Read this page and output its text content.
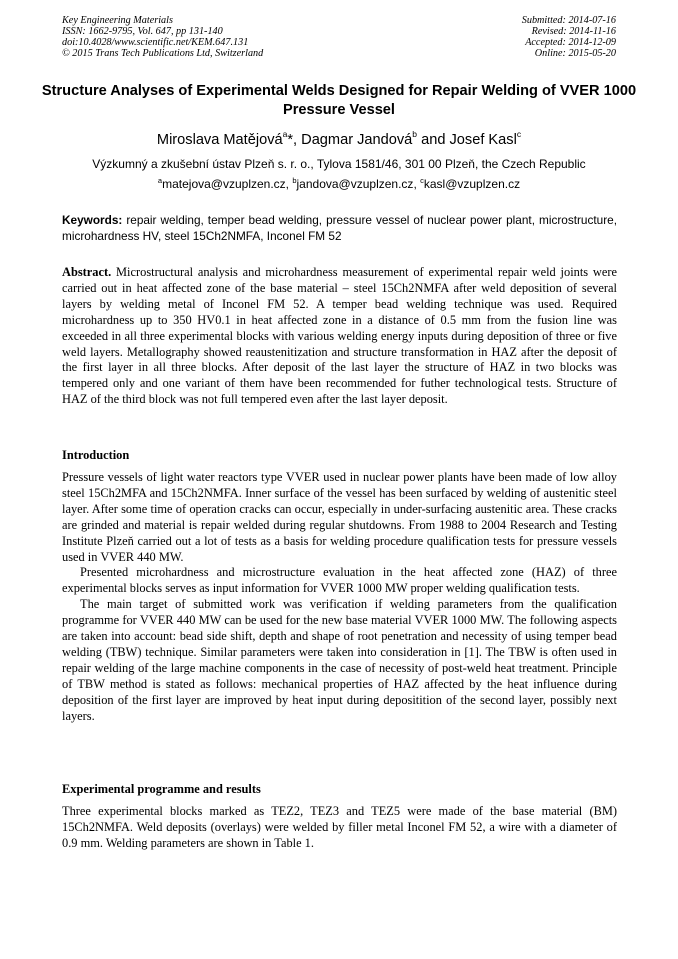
Key Engineering Materials
ISSN: 1662-9795, Vol. 647, pp 131-140
doi:10.4028/www.scientific.net/KEM.647.131
© 2015 Trans Tech Publications Ltd, Switzerland
Submitted: 2014-07-16
Revised: 2014-11-16
Accepted: 2014-12-09
Online: 2015-05-20
Structure Analyses of Experimental Welds Designed for Repair Welding of VVER 1000 Pressure Vessel
Miroslava Matějová$^a$*, Dagmar Jandová$^b$ and Josef Kasl$^c$
Výzkumný a zkušební ústav Plzeň s. r. o., Tylova 1581/46, 301 00 Plzeň, the Czech Republic
$^a$matejova@vzuplzen.cz, $^b$jandova@vzuplzen.cz, $^c$kasl@vzuplzen.cz
Keywords: repair welding, temper bead welding, pressure vessel of nuclear power plant, microstructure, microhardness HV, steel 15Ch2NMFA, Inconel FM 52
Abstract. Microstructural analysis and microhardness measurement of experimental repair weld joints were carried out in heat affected zone of the base material – steel 15Ch2NMFA after weld deposition of several layers by welding metal of Inconel FM 52. A temper bead welding technique was used. Required microhardness up to 350 HV0.1 in heat affected zone in a distance of 0.5 mm from the fusion line was exceeded in all three experimental blocks with various welding energy inputs during deposition of three or five weld layers. Metallography showed reaustenitization and structure transformation in HAZ after the deposit of the first layer in all three blocks. After deposit of the last layer the structure of HAZ in two blocks was tempered only and one variant of them have been recommended for futher technological tests. Structure of HAZ of the third block was not full tempered even after the last layer deposit.
Introduction

Pressure vessels of light water reactors type VVER used in nuclear power plants have been made of low alloy steel 15Ch2MFA and 15Ch2NMFA. Inner surface of the vessel has been surfaced by welding of austenitic steel layer. After some time of operation cracks can occur, especially in under-surfacing austenitic area. These cracks are grinded and material is repair welded during regular shutdowns. From 1988 to 2004 Research and Testing Institute Plzeň carried out a lot of tests as a basis for welding procedure qualification tests for pressure vessels used in VVER 440 MW.

Presented microhardness and microstructure evaluation in the heat affected zone (HAZ) of three experimental blocks serves as input information for VVER 1000 MW proper welding qualification tests.

The main target of submitted work was verification if welding parameters from the qualification programme for VVER 440 MW can be used for the new base material VVER 1000 MW. The following aspects are taken into account: bead side shift, depth and shape of root penetration and necessity of using temper bead welding (TBW) technique. Similar parameters were taken into consideration in [1]. The TBW is often used in repair welding of the large machine components in the case of necessity of post-weld heat treatment. Principle of TBW method is stated as follows: mechanical properties of HAZ affected by the heat influence during deposition of the first layer are improved by heat input during depositition of the second layer, possibly next layers.

Experimental programme and results

Three experimental blocks marked as TEZ2, TEZ3 and TEZ5 were made of the base material (BM) 15Ch2NMFA. Weld deposits (overlays) were welded by filler metal Inconel FM 52, a wire with a diameter of 0.9 mm. Welding parameters are shown in Table 1.
